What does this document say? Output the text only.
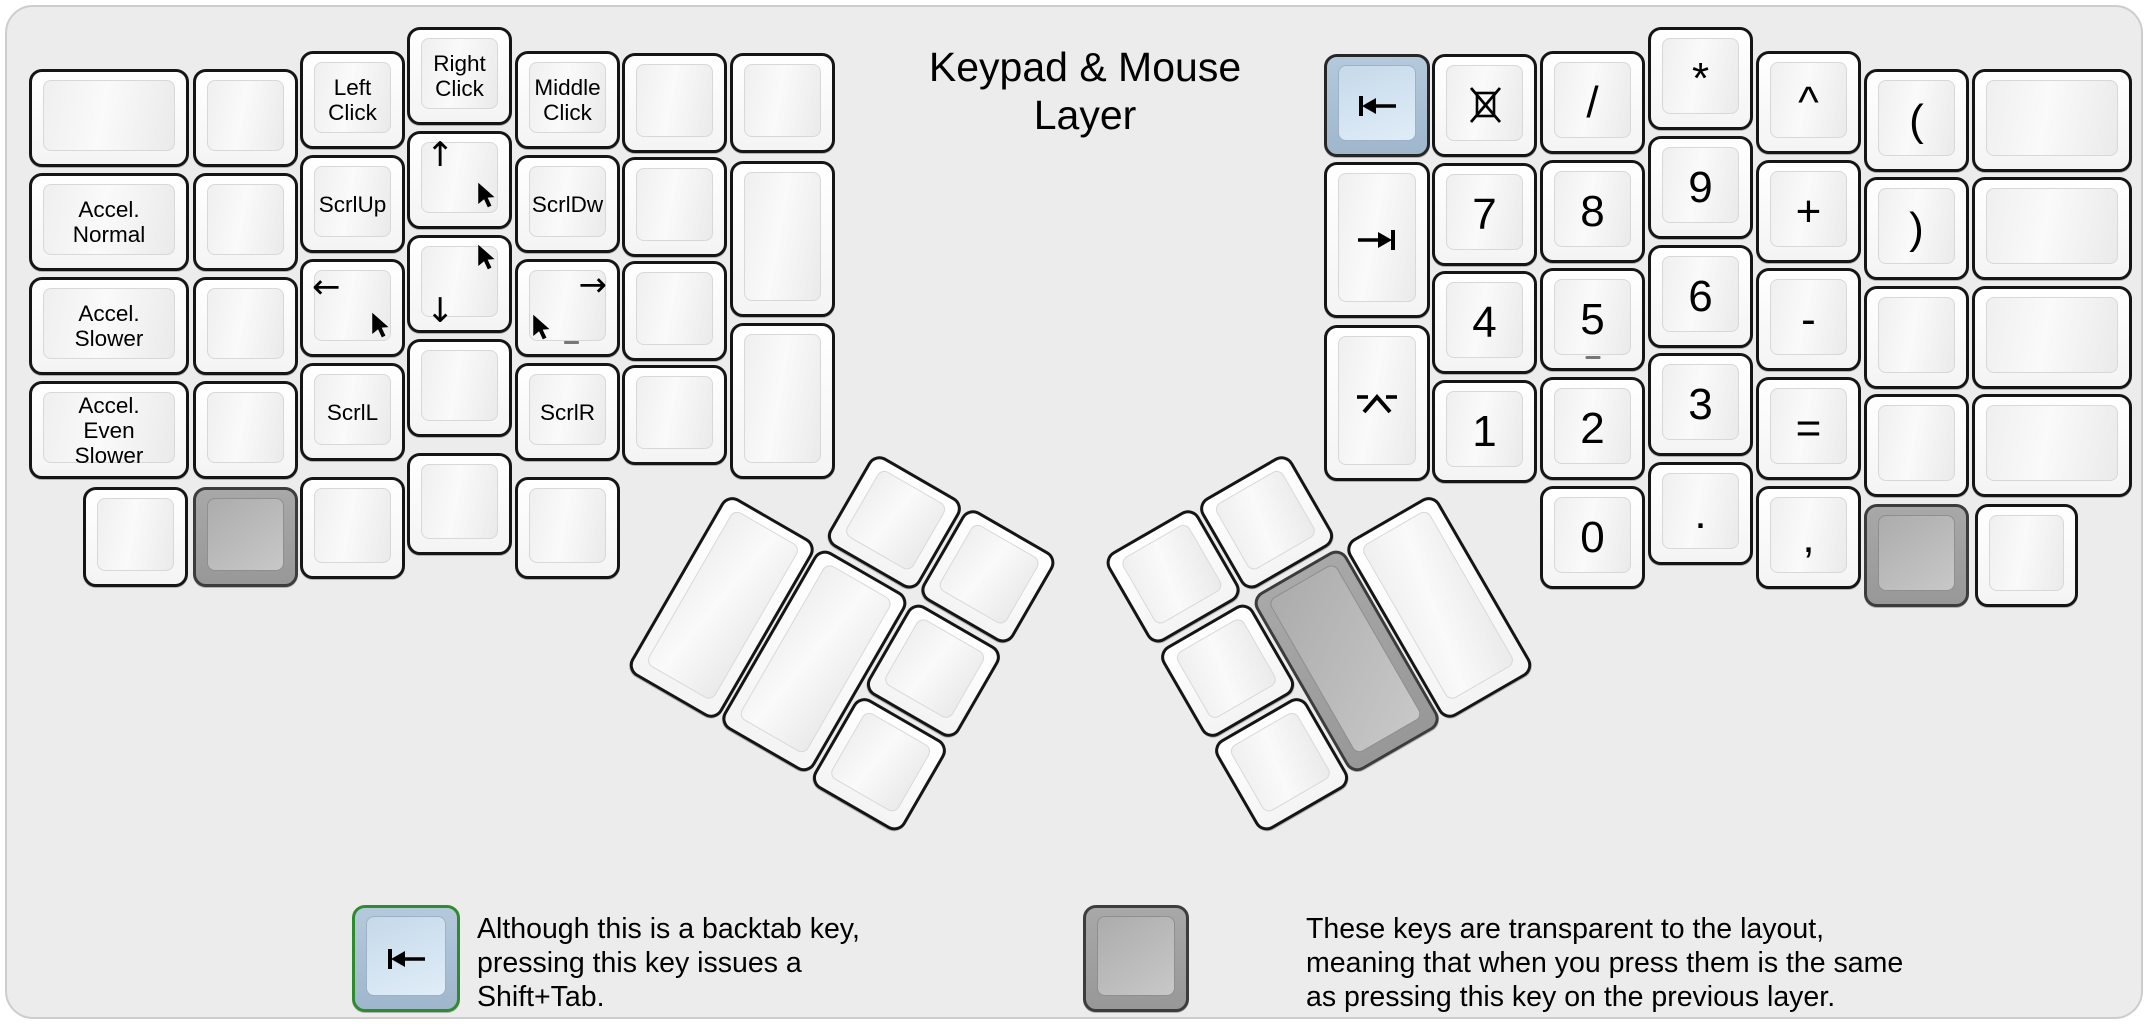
Keypad & Mouse
Layer
Accel.
Normal
Accel.
Slower
Accel.
Even
Slower
Left
Click
ScrlUp
←
ScrlL
Right
Click
↑
↓
Middle
Click
ScrlDw
→
ScrlR
7
4
1
/
8
5
2
0
*
9
6
3
.
^
+
-
=
,
(
)
Although this is a backtab key,
pressing this key issues a
Shift+Tab.
These keys are transparent to the layout,
meaning that when you press them is the same
as pressing this key on the previous layer.
